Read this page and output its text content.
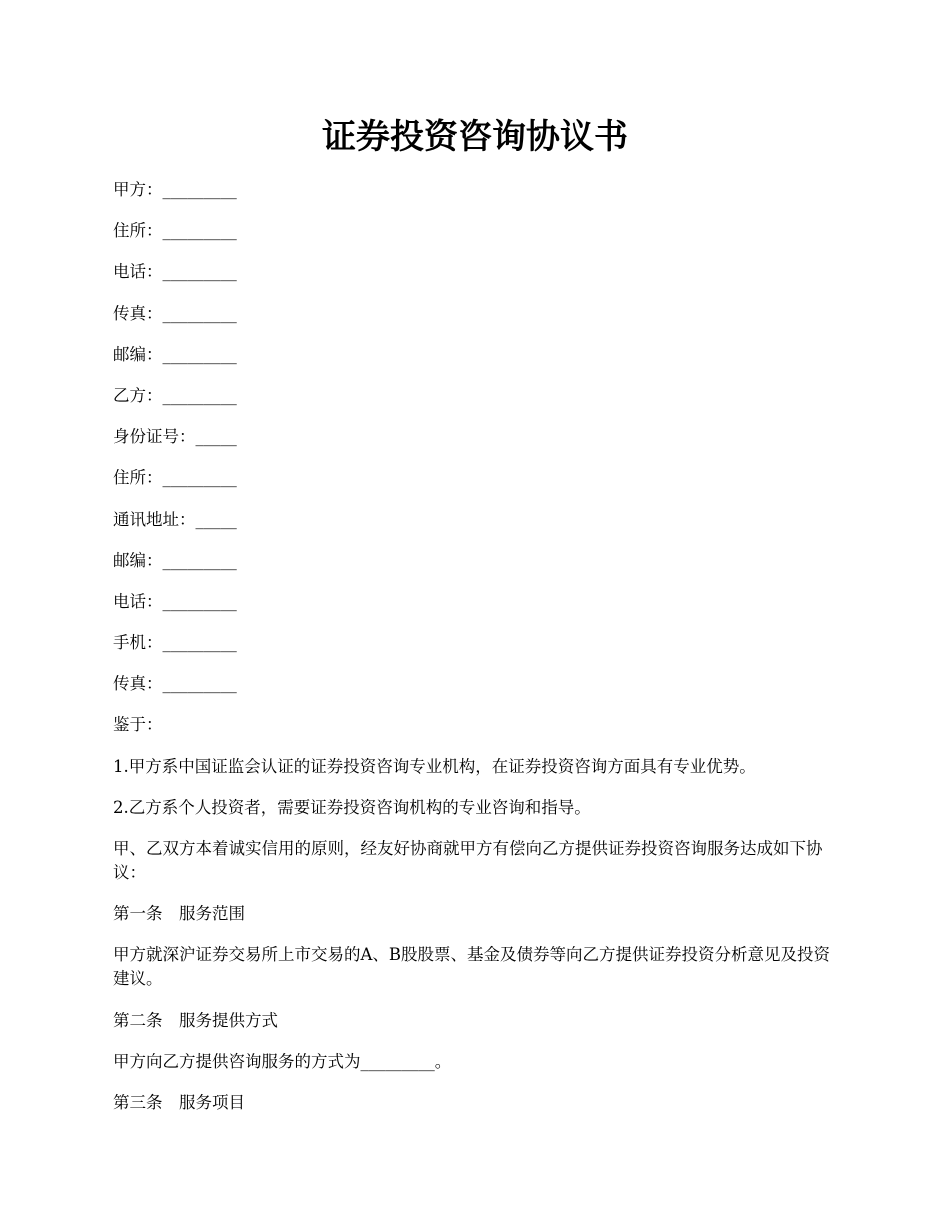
证券投资咨询协议书

甲方：_________

住所：_________

电话：_________

传真：_________

邮编：_________

乙方：_________

身份证号：_____

住所：_________

通讯地址：_____

邮编：_________

电话：_________

手机：_________

传真：_________

鉴于：

1.甲方系中国证监会认证的证券投资咨询专业机构，在证券投资咨询方面具有专业优势。

2.乙方系个人投资者，需要证券投资咨询机构的专业咨询和指导。

甲、乙双方本着诚实信用的原则，经友好协商就甲方有偿向乙方提供证券投资咨询服务达成如下协议：

第一条　服务范围

甲方就深沪证券交易所上市交易的A、B股股票、基金及债券等向乙方提供证券投资分析意见及投资建议。

第二条　服务提供方式

甲方向乙方提供咨询服务的方式为_________。

第三条　服务项目
